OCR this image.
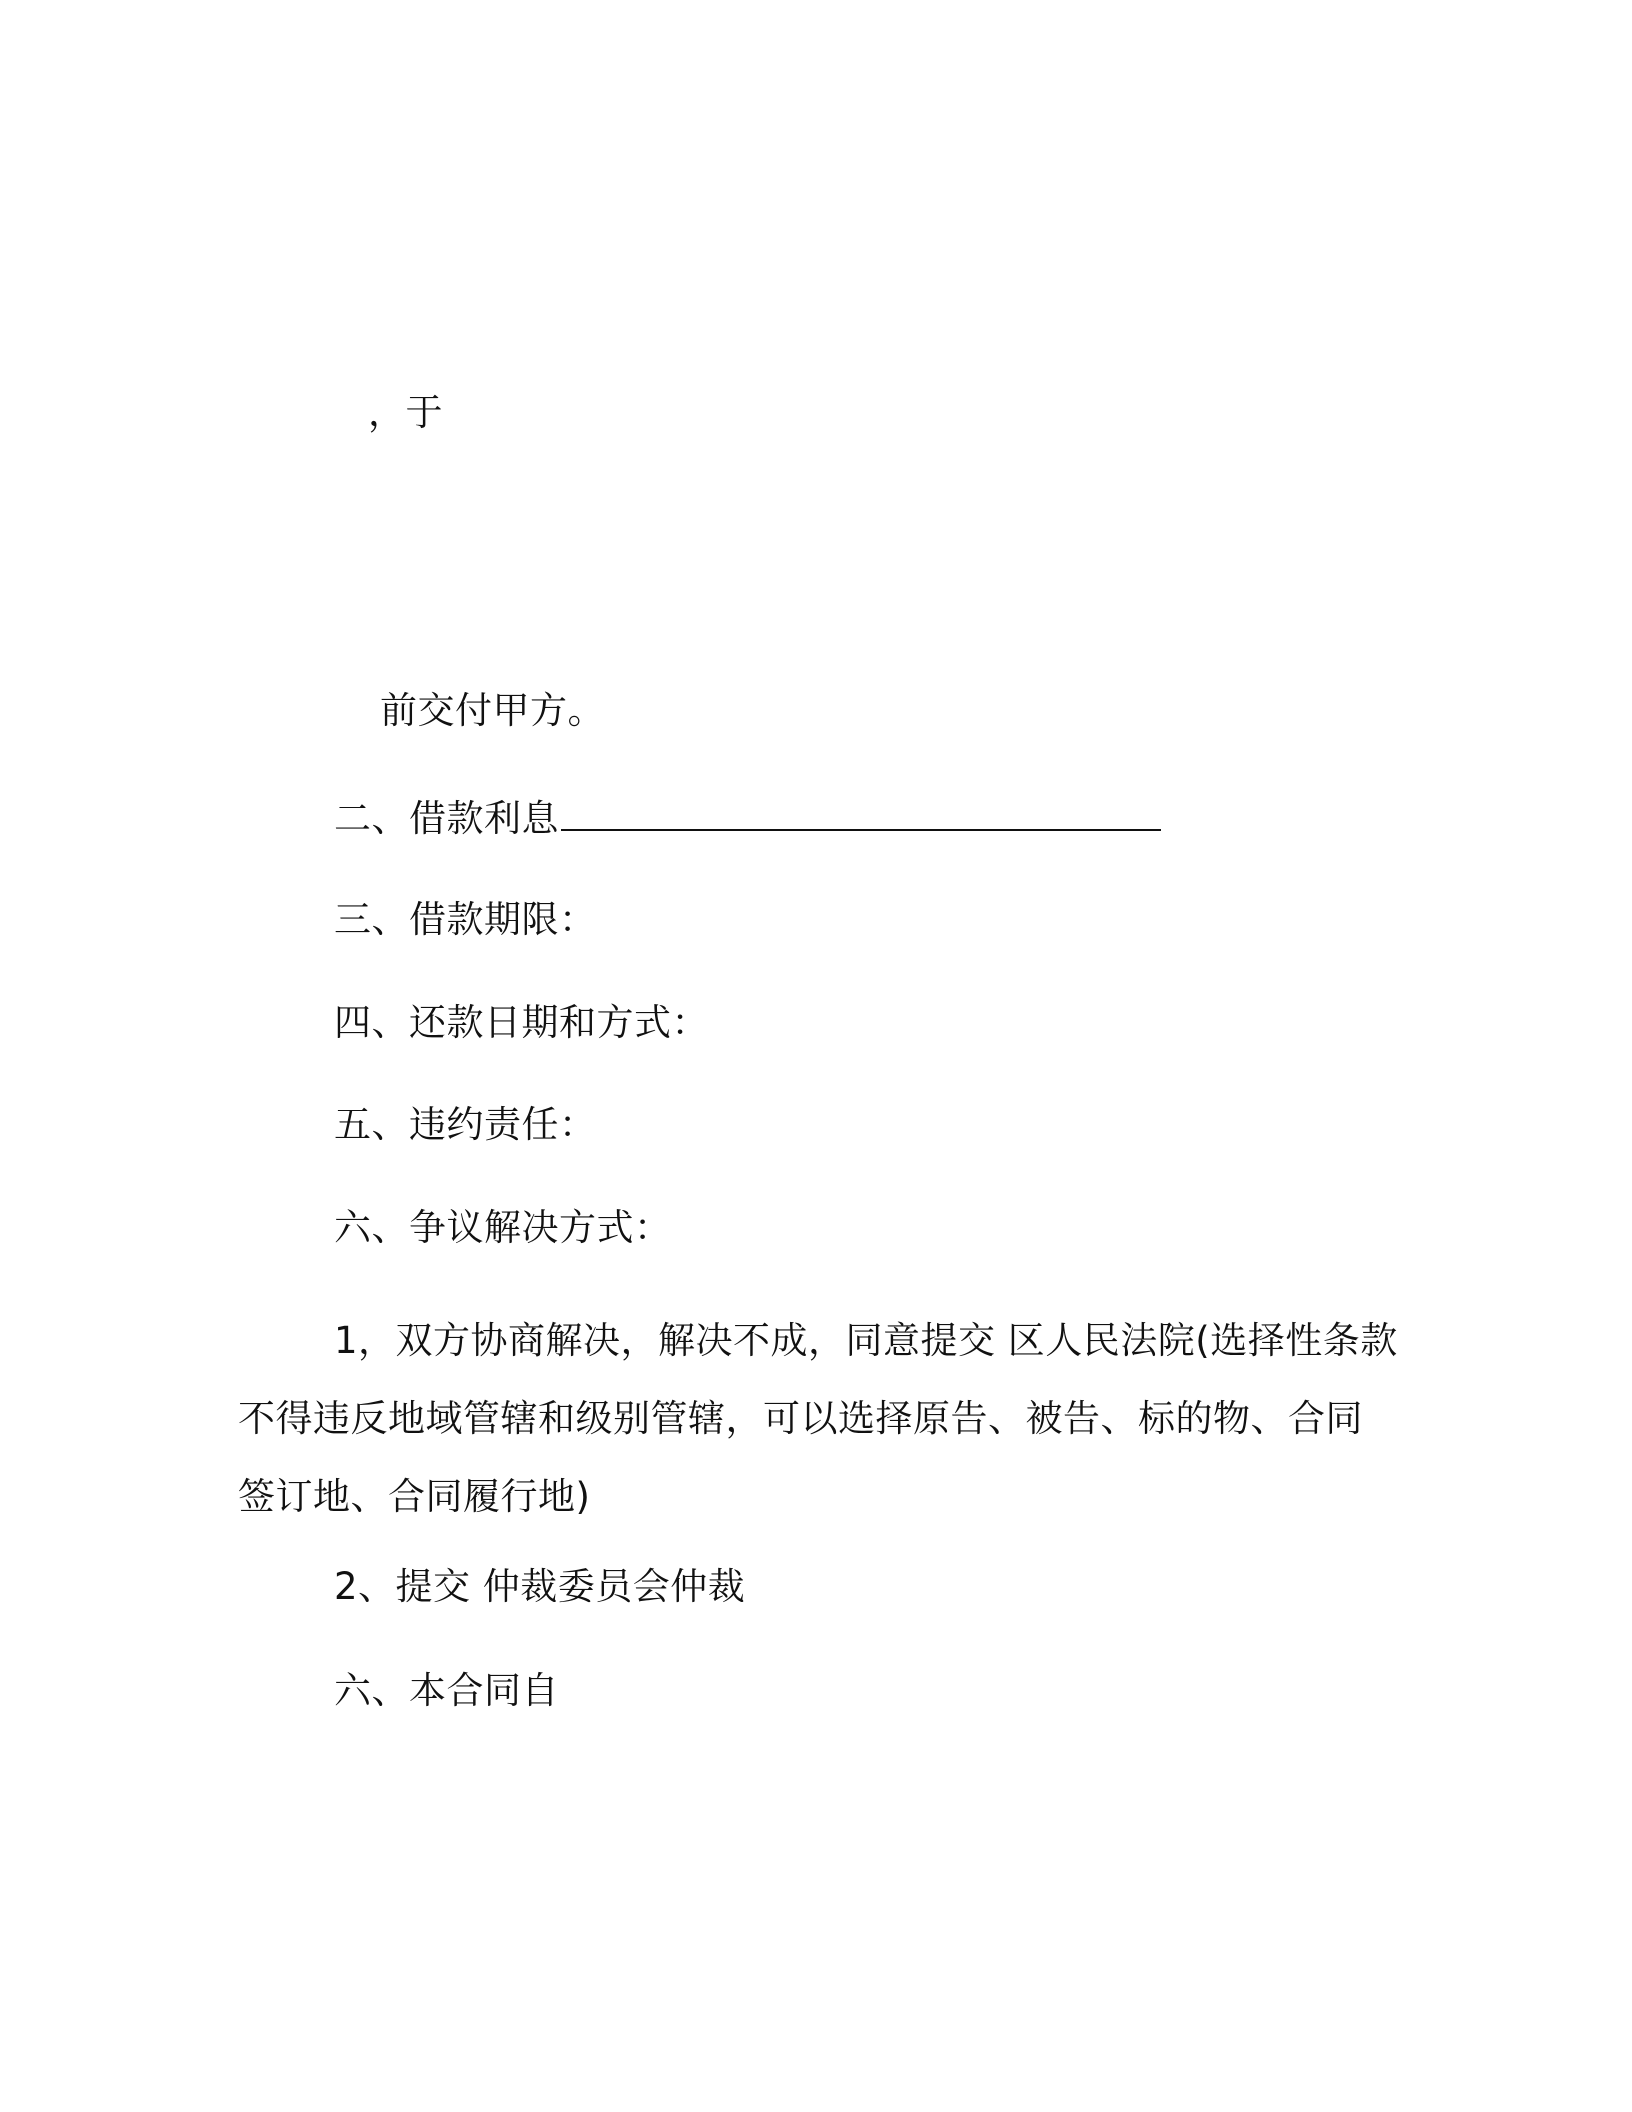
，于
前交付甲方。
二、借款利息
三、借款期限：
四、还款日期和方式：
五、违约责任：
六、争议解决方式：
1，双方协商解决，解决不成，同意提交 区人民法院(选择性条款不得违反地域管辖和级别管辖，可以选择原告、被告、标的物、合同签订地、合同履行地)
2、提交 仲裁委员会仲裁
六、本合同自
